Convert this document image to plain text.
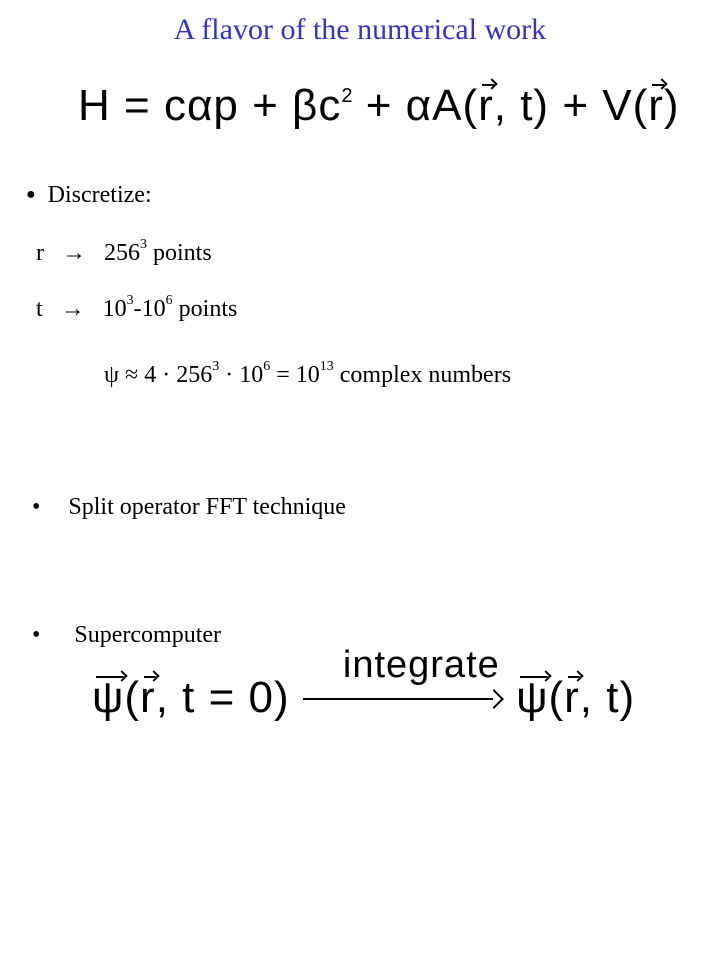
A flavor of the numerical work
$H = c\alpha p + \beta c^2 + \alpha A(r$, t) + V(r)
● Discretize:
$r \to 256^3$ points
$t \to 10^3-10^6$ points
$\psi \approx 4 \cdot 256^3 \cdot 10^6 = 10^{13}$ complex numbers
• Split operator FFT technique
• Supercomputer
ψ(r, t = 0)
integrate
ψ(r, t)
